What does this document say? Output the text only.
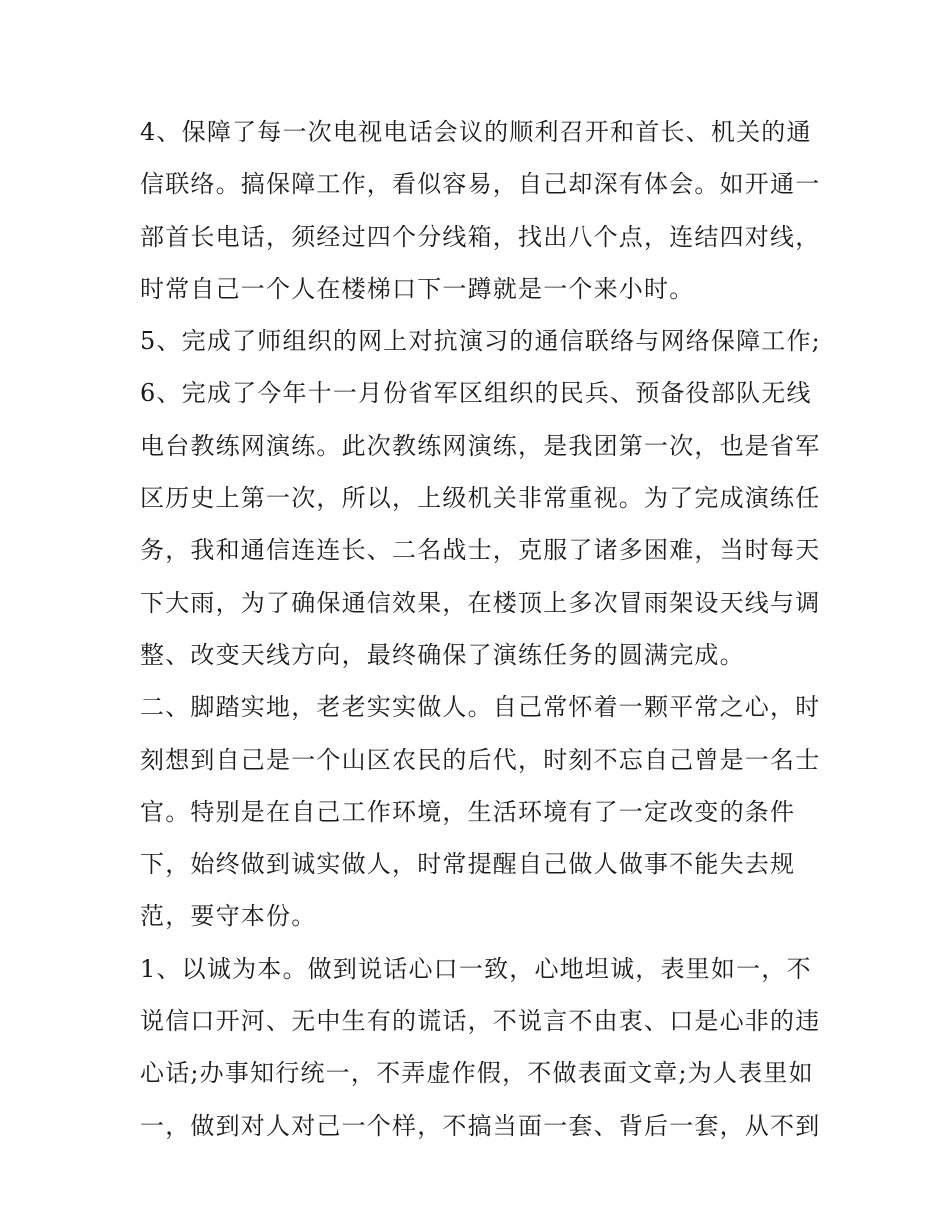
4、保障了每一次电视电话会议的顺利召开和首长、机关的通
信联络。搞保障工作，看似容易，自己却深有体会。如开通一
部首长电话，须经过四个分线箱，找出八个点，连结四对线，
时常自己一个人在楼梯口下一蹲就是一个来小时。

5、完成了师组织的网上对抗演习的通信联络与网络保障工作;

6、完成了今年十一月份省军区组织的民兵、预备役部队无线
电台教练网演练。此次教练网演练，是我团第一次，也是省军
区历史上第一次，所以，上级机关非常重视。为了完成演练任
务，我和通信连连长、二名战士，克服了诸多困难，当时每天
下大雨，为了确保通信效果，在楼顶上多次冒雨架设天线与调
整、改变天线方向，最终确保了演练任务的圆满完成。

二、脚踏实地，老老实实做人。自己常怀着一颗平常之心，时
刻想到自己是一个山区农民的后代，时刻不忘自己曾是一名士
官。特别是在自己工作环境，生活环境有了一定改变的条件
下，始终做到诚实做人，时常提醒自己做人做事不能失去规
范，要守本份。

1、以诚为本。做到说话心口一致，心地坦诚，表里如一，不
说信口开河、无中生有的谎话，不说言不由衷、口是心非的违
心话;办事知行统一，不弄虚作假，不做表面文章;为人表里如
一，做到对人对己一个样，不搞当面一套、背后一套，从不到
